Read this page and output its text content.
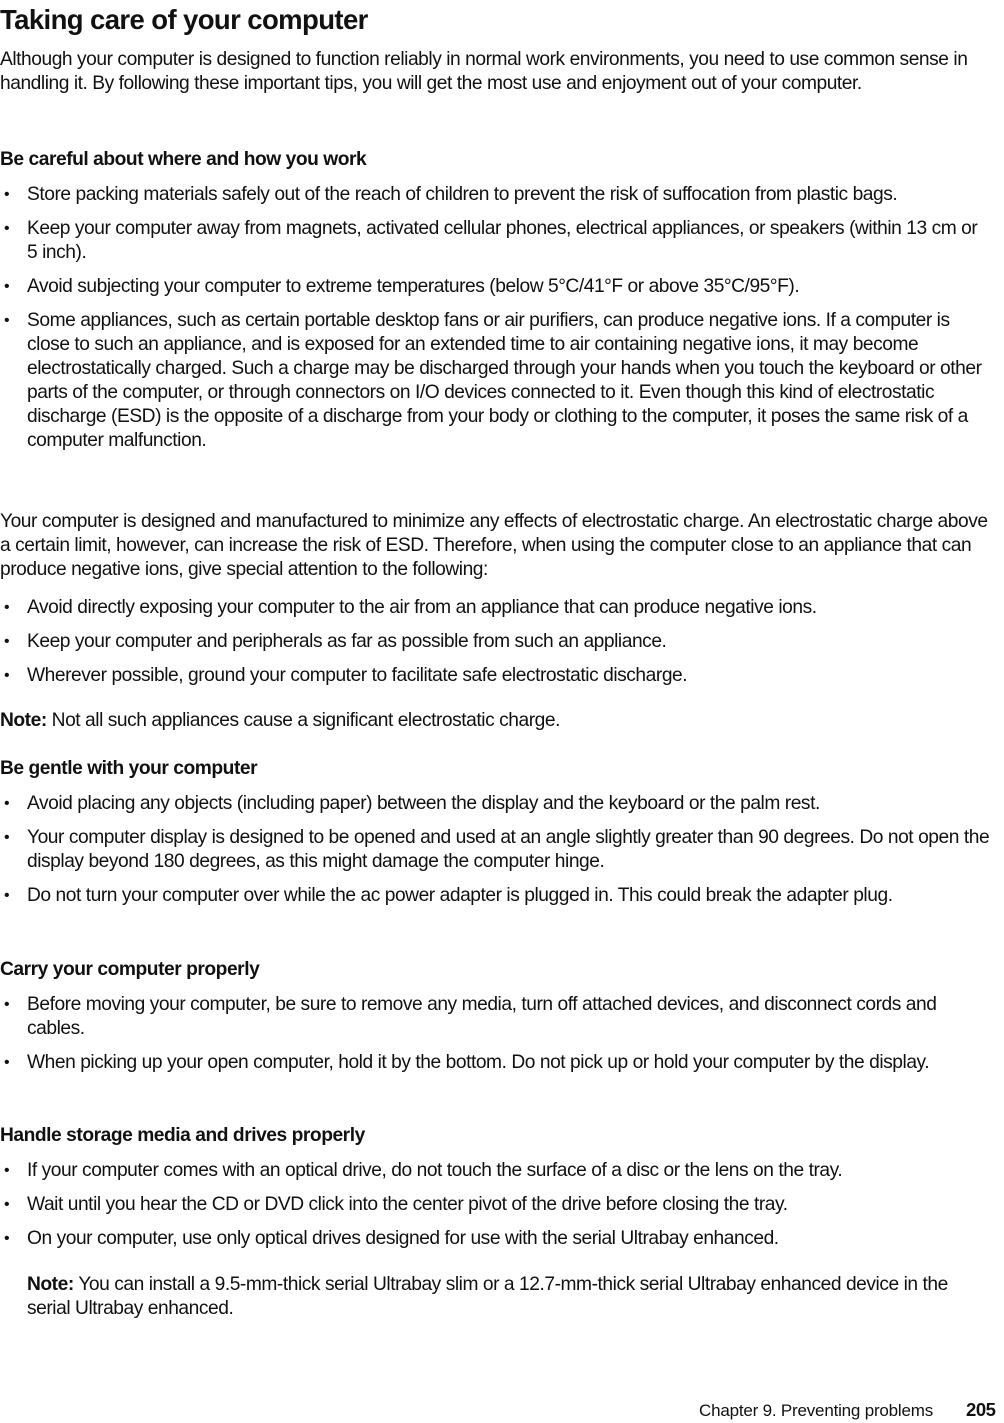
Taking care of your computer

Although your computer is designed to function reliably in normal work environments, you need to use common sense in handling it. By following these important tips, you will get the most use and enjoyment out of your computer.

Be careful about where and how you work

• Store packing materials safely out of the reach of children to prevent the risk of suffocation from plastic bags.
• Keep your computer away from magnets, activated cellular phones, electrical appliances, or speakers (within 13 cm or 5 inch).
• Avoid subjecting your computer to extreme temperatures (below 5°C/41°F or above 35°C/95°F).
• Some appliances, such as certain portable desktop fans or air purifiers, can produce negative ions. If a computer is close to such an appliance, and is exposed for an extended time to air containing negative ions, it may become electrostatically charged. Such a charge may be discharged through your hands when you touch the keyboard or other parts of the computer, or through connectors on I/O devices connected to it. Even though this kind of electrostatic discharge (ESD) is the opposite of a discharge from your body or clothing to the computer, it poses the same risk of a computer malfunction.

Your computer is designed and manufactured to minimize any effects of electrostatic charge. An electrostatic charge above a certain limit, however, can increase the risk of ESD. Therefore, when using the computer close to an appliance that can produce negative ions, give special attention to the following:

• Avoid directly exposing your computer to the air from an appliance that can produce negative ions.
• Keep your computer and peripherals as far as possible from such an appliance.
• Wherever possible, ground your computer to facilitate safe electrostatic discharge.

Note: Not all such appliances cause a significant electrostatic charge.

Be gentle with your computer

• Avoid placing any objects (including paper) between the display and the keyboard or the palm rest.
• Your computer display is designed to be opened and used at an angle slightly greater than 90 degrees. Do not open the display beyond 180 degrees, as this might damage the computer hinge.
• Do not turn your computer over while the ac power adapter is plugged in. This could break the adapter plug.

Carry your computer properly

• Before moving your computer, be sure to remove any media, turn off attached devices, and disconnect cords and cables.
• When picking up your open computer, hold it by the bottom. Do not pick up or hold your computer by the display.

Handle storage media and drives properly

• If your computer comes with an optical drive, do not touch the surface of a disc or the lens on the tray.
• Wait until you hear the CD or DVD click into the center pivot of the drive before closing the tray.
• On your computer, use only optical drives designed for use with the serial Ultrabay enhanced.

Note: You can install a 9.5-mm-thick serial Ultrabay slim or a 12.7-mm-thick serial Ultrabay enhanced device in the serial Ultrabay enhanced.

Chapter 9. Preventing problems 205
